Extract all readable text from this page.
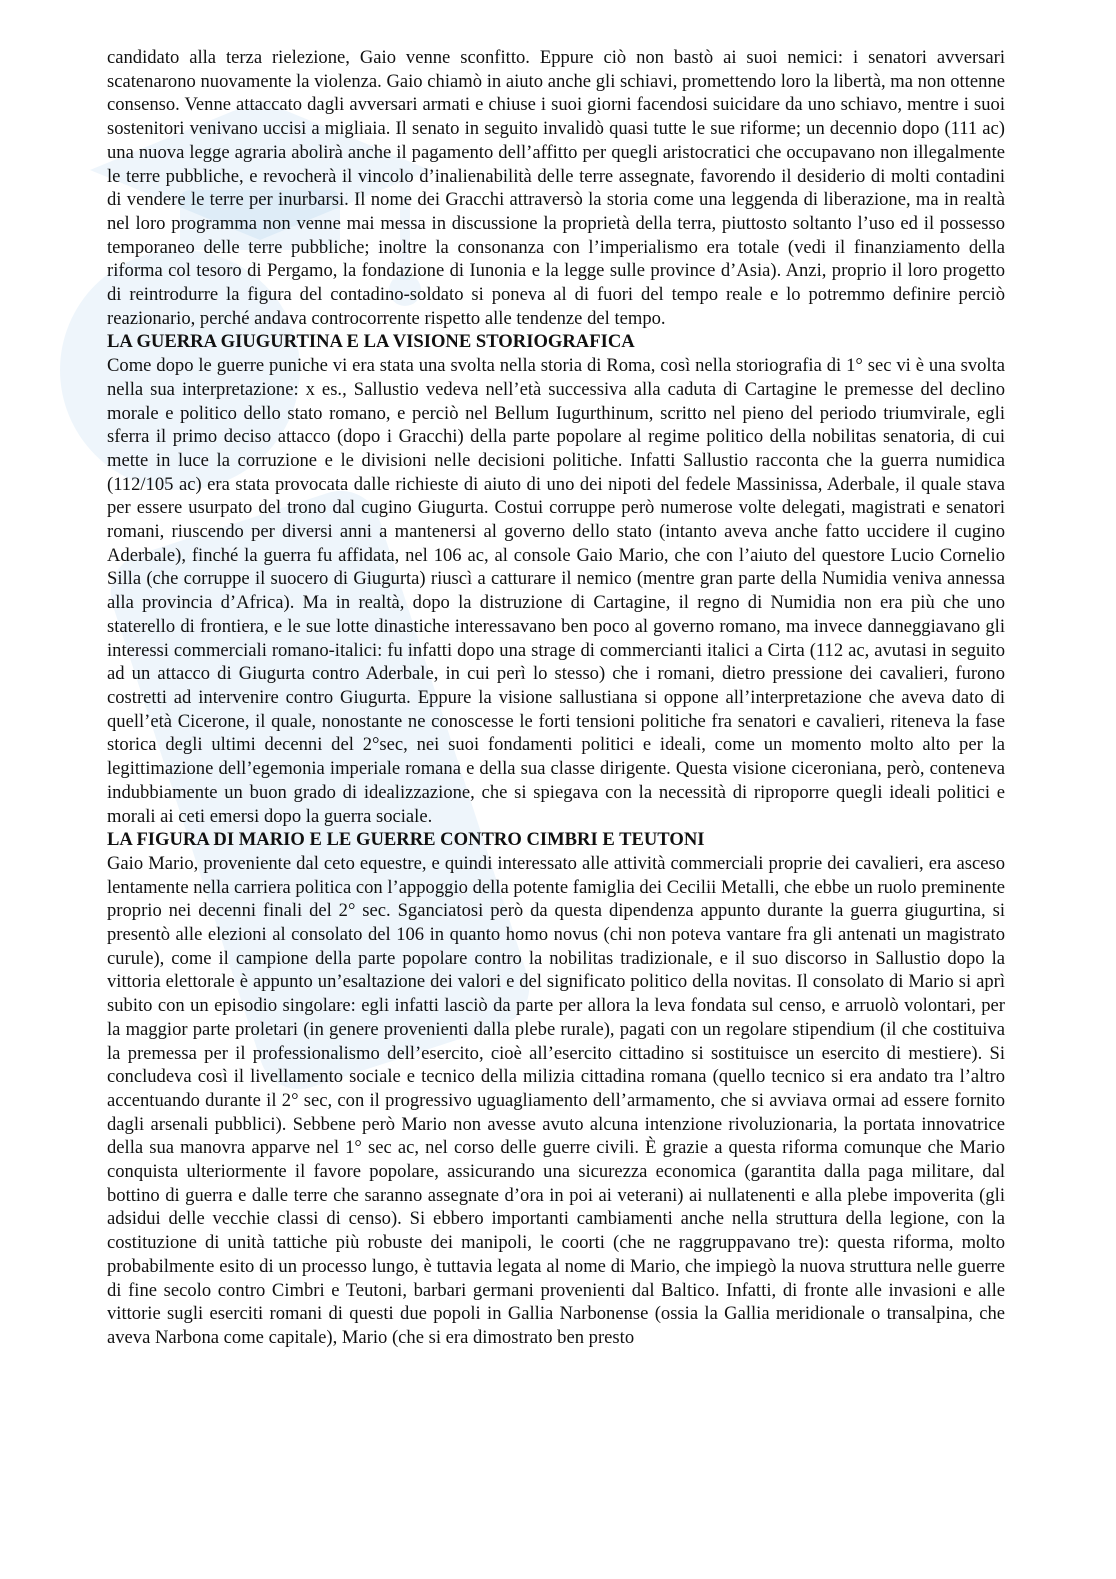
candidato alla terza rielezione, Gaio venne sconfitto. Eppure ciò non bastò ai suoi nemici: i senatori avversari scatenarono nuovamente la violenza. Gaio chiamò in aiuto anche gli schiavi, promettendo loro la libertà, ma non ottenne consenso. Venne attaccato dagli avversari armati e chiuse i suoi giorni facendosi suicidare da uno schiavo, mentre i suoi sostenitori venivano uccisi a migliaia. Il senato in seguito invalidò quasi tutte le sue riforme; un decennio dopo (111 ac) una nuova legge agraria abolirà anche il pagamento dell’affitto per quegli aristocratici che occupavano non illegalmente le terre pubbliche, e revocherà il vincolo d’inalienabilità delle terre assegnate, favorendo il desiderio di molti contadini di vendere le terre per inurbarsi. Il nome dei Gracchi attraversò la storia come una leggenda di liberazione, ma in realtà nel loro programma non venne mai messa in discussione la proprietà della terra, piuttosto soltanto l’uso ed il possesso temporaneo delle terre pubbliche; inoltre la consonanza con l’imperialismo era totale (vedi il finanziamento della riforma col tesoro di Pergamo, la fondazione di Iunonia e la legge sulle province d’Asia). Anzi, proprio il loro progetto di reintrodurre la figura del contadino-soldato si poneva al di fuori del tempo reale e lo potremmo definire perciò reazionario, perché andava controcorrente rispetto alle tendenze del tempo.

LA GUERRA GIUGURTINA E LA VISIONE STORIOGRAFICA

Come dopo le guerre puniche vi era stata una svolta nella storia di Roma, così nella storiografia di 1° sec vi è una svolta nella sua interpretazione: x es., Sallustio vedeva nell’età successiva alla caduta di Cartagine le premesse del declino morale e politico dello stato romano, e perciò nel Bellum Iugurthinum, scritto nel pieno del periodo triumvirale, egli sferra il primo deciso attacco (dopo i Gracchi) della parte popolare al regime politico della nobilitas senatoria, di cui mette in luce la corruzione e le divisioni nelle decisioni politiche. Infatti Sallustio racconta che la guerra numidica (112/105 ac) era stata provocata dalle richieste di aiuto di uno dei nipoti del fedele Massinissa, Aderbale, il quale stava per essere usurpato del trono dal cugino Giugurta. Costui corruppe però numerose volte delegati, magistrati e senatori romani, riuscendo per diversi anni a mantenersi al governo dello stato (intanto aveva anche fatto uccidere il cugino Aderbale), finché la guerra fu affidata, nel 106 ac, al console Gaio Mario, che con l’aiuto del questore Lucio Cornelio Silla (che corruppe il suocero di Giugurta) riuscì a catturare il nemico (mentre gran parte della Numidia veniva annessa alla provincia d’Africa). Ma in realtà, dopo la distruzione di Cartagine, il regno di Numidia non era più che uno staterello di frontiera, e le sue lotte dinastiche interessavano ben poco al governo romano, ma invece danneggiavano gli interessi commerciali romano-italici: fu infatti dopo una strage di commercianti italici a Cirta (112 ac, avutasi in seguito ad un attacco di Giugurta contro Aderbale, in cui perì lo stesso) che i romani, dietro pressione dei cavalieri, furono costretti ad intervenire contro Giugurta. Eppure la visione sallustiana si oppone all’interpretazione che aveva dato di quell’età Cicerone, il quale, nonostante ne conoscesse le forti tensioni politiche fra senatori e cavalieri, riteneva la fase storica degli ultimi decenni del 2°sec, nei suoi fondamenti politici e ideali, come un momento molto alto per la legittimazione dell’egemonia imperiale romana e della sua classe dirigente. Questa visione ciceroniana, però, conteneva indubbiamente un buon grado di idealizzazione, che si spiegava con la necessità di riproporre quegli ideali politici e morali ai ceti emersi dopo la guerra sociale.

LA FIGURA DI MARIO E LE GUERRE CONTRO CIMBRI E TEUTONI

Gaio Mario, proveniente dal ceto equestre, e quindi interessato alle attività commerciali proprie dei cavalieri, era asceso lentamente nella carriera politica con l’appoggio della potente famiglia dei Cecilii Metalli, che ebbe un ruolo preminente proprio nei decenni finali del 2° sec. Sganciatosi però da questa dipendenza appunto durante la guerra giugurtina, si presentò alle elezioni al consolato del 106 in quanto homo novus (chi non poteva vantare fra gli antenati un magistrato curule), come il campione della parte popolare contro la nobilitas tradizionale, e il suo discorso in Sallustio dopo la vittoria elettorale è appunto un’esaltazione dei valori e del significato politico della novitas. Il consolato di Mario si aprì subito con un episodio singolare: egli infatti lasciò da parte per allora la leva fondata sul censo, e arruolò volontari, per la maggior parte proletari (in genere provenienti dalla plebe rurale), pagati con un regolare stipendium (il che costituiva la premessa per il professionalismo dell’esercito, cioè all’esercito cittadino si sostituisce un esercito di mestiere). Si concludeva così il livellamento sociale e tecnico della milizia cittadina romana (quello tecnico si era andato tra l’altro accentuando durante il 2° sec, con il progressivo uguagliamento dell’armamento, che si avviava ormai ad essere fornito dagli arsenali pubblici). Sebbene però Mario non avesse avuto alcuna intenzione rivoluzionaria, la portata innovatrice della sua manovra apparve nel 1° sec ac, nel corso delle guerre civili. È grazie a questa riforma comunque che Mario conquista ulteriormente il favore popolare, assicurando una sicurezza economica (garantita dalla paga militare, dal bottino di guerra e dalle terre che saranno assegnate d’ora in poi ai veterani) ai nullatenenti e alla plebe impoverita (gli adsidui delle vecchie classi di censo). Si ebbero importanti cambiamenti anche nella struttura della legione, con la costituzione di unità tattiche più robuste dei manipoli, le coorti (che ne raggruppavano tre): questa riforma, molto probabilmente esito di un processo lungo, è tuttavia legata al nome di Mario, che impiegò la nuova struttura nelle guerre di fine secolo contro Cimbri e Teutoni, barbari germani provenienti dal Baltico. Infatti, di fronte alle invasioni e alle vittorie sugli eserciti romani di questi due popoli in Gallia Narbonense (ossia la Gallia meridionale o transalpina, che aveva Narbona come capitale), Mario (che si era dimostrato ben presto
